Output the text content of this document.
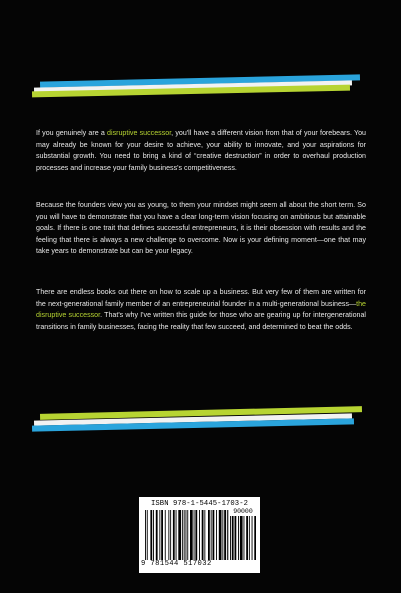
If you genuinely are a disruptive successor, you'll have a different vision from that of your forebears. You may already be known for your desire to achieve, your ability to innovate, and your aspirations for substantial growth. You need to bring a kind of “creative destruction” in order to overhaul production processes and increase your family business's competitiveness.

Because the founders view you as young, to them your mindset might seem all about the short term. So you will have to demonstrate that you have a clear long-term vision focusing on ambitious but attainable goals. If there is one trait that defines successful entrepreneurs, it is their obsession with results and the feeling that there is always a new challenge to overcome. Now is your defining moment—one that may take years to demonstrate but can be your legacy.

There are endless books out there on how to scale up a business. But very few of them are written for the next-generational family member of an entrepreneurial founder in a multi-generational business—the disruptive successor. That's why I've written this guide for those who are gearing up for intergenerational transitions in family businesses, facing the reality that few succeed, and determined to beat the odds.

ISBN 978-1-5445-1703-2
90000
9 781544 517032
